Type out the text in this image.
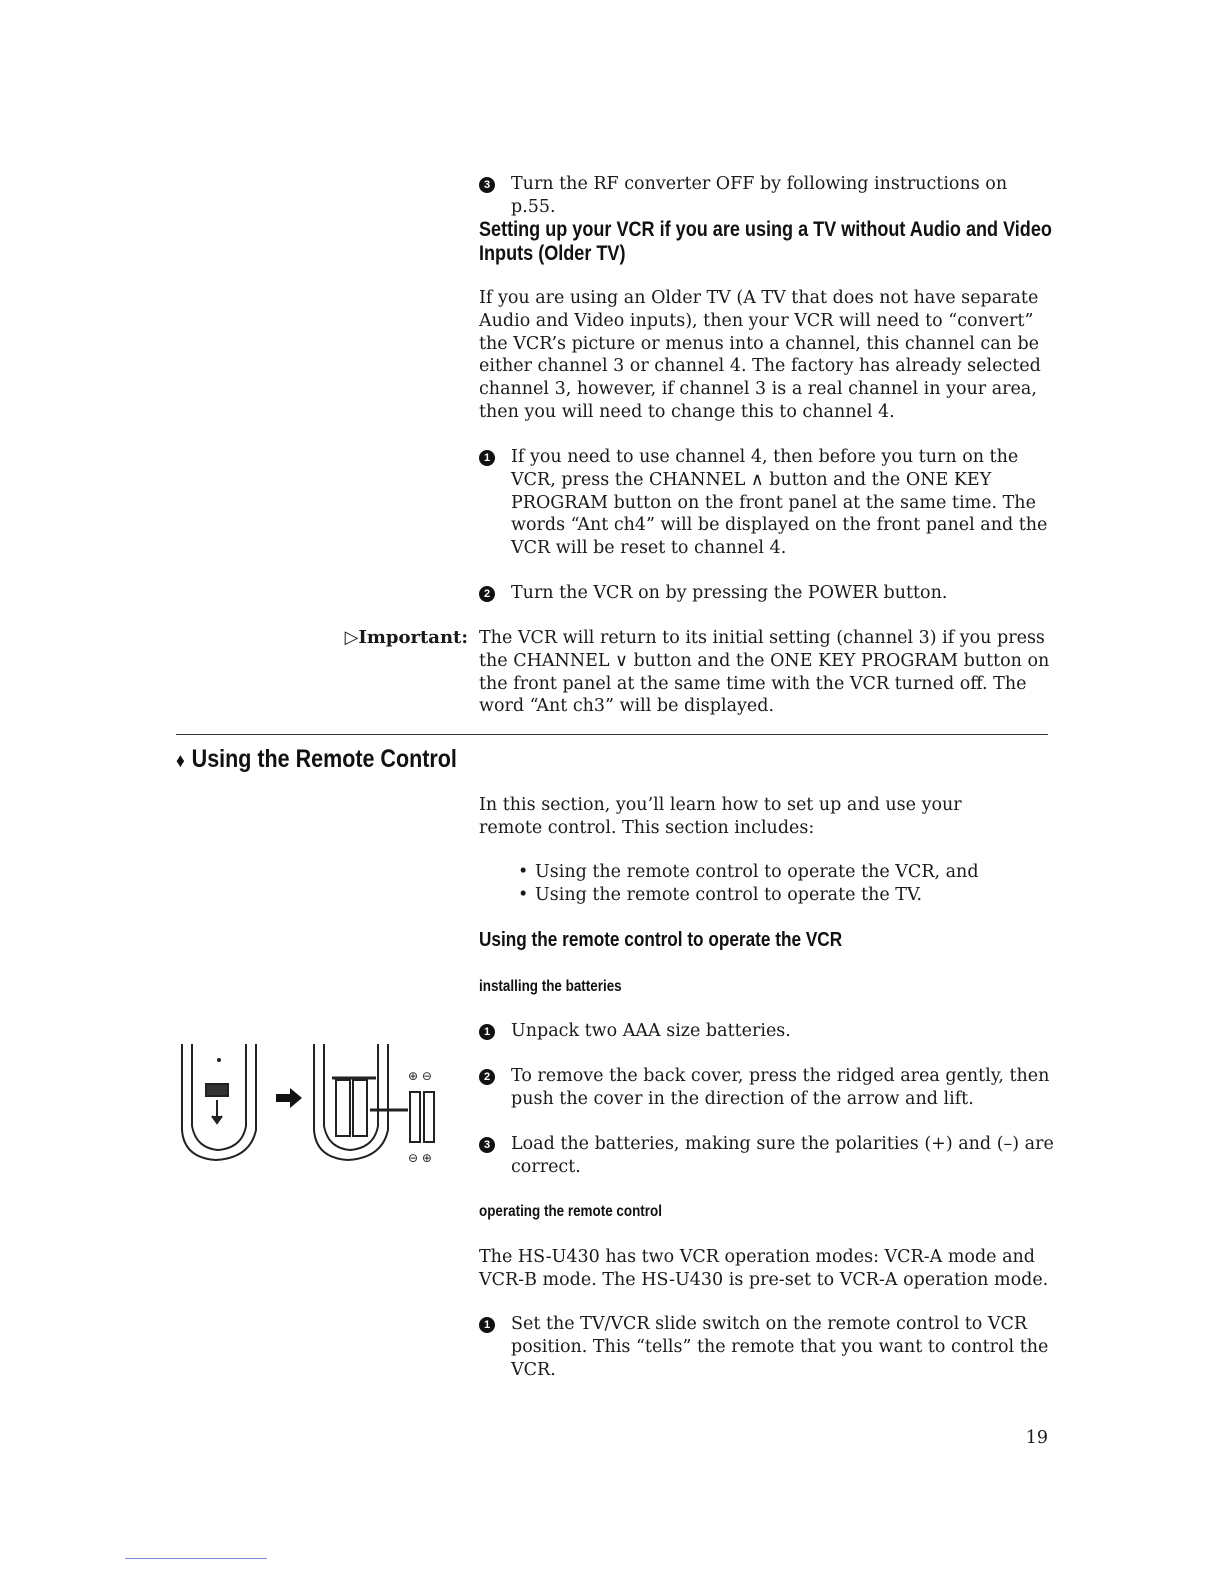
3 Turn the RF converter OFF by following instructions on p.55.
Setting up your VCR if you are using a TV without Audio and Video
Inputs (Older TV)
If you are using an Older TV (A TV that does not have separate Audio and Video inputs), then your VCR will need to “convert” the VCR’s picture or menus into a channel, this channel can be either channel 3 or channel 4. The factory has already selected channel 3, however, if channel 3 is a real channel in your area, then you will need to change this to channel 4.
1 If you need to use channel 4, then before you turn on the VCR, press the CHANNEL ∧ button and the ONE KEY PROGRAM button on the front panel at the same time. The words “Ant ch4” will be displayed on the front panel and the VCR will be reset to channel 4.
2 Turn the VCR on by pressing the POWER button.
▷Important: The VCR will return to its initial setting (channel 3) if you press the CHANNEL ∨ button and the ONE KEY PROGRAM button on the front panel at the same time with the VCR turned off. The word “Ant ch3” will be displayed.
♦ Using the Remote Control
In this section, you’ll learn how to set up and use your remote control. This section includes:
• Using the remote control to operate the VCR, and
• Using the remote control to operate the TV.
Using the remote control to operate the VCR
installing the batteries
1 Unpack two AAA size batteries.
2 To remove the back cover, press the ridged area gently, then push the cover in the direction of the arrow and lift.
3 Load the batteries, making sure the polarities (+) and (–) are correct.
⊕ ⊖
⊖ ⊕
operating the remote control
The HS-U430 has two VCR operation modes: VCR-A mode and VCR-B mode. The HS-U430 is pre-set to VCR-A operation mode.
1 Set the TV/VCR slide switch on the remote control to VCR position. This “tells” the remote that you want to control the VCR.
19
